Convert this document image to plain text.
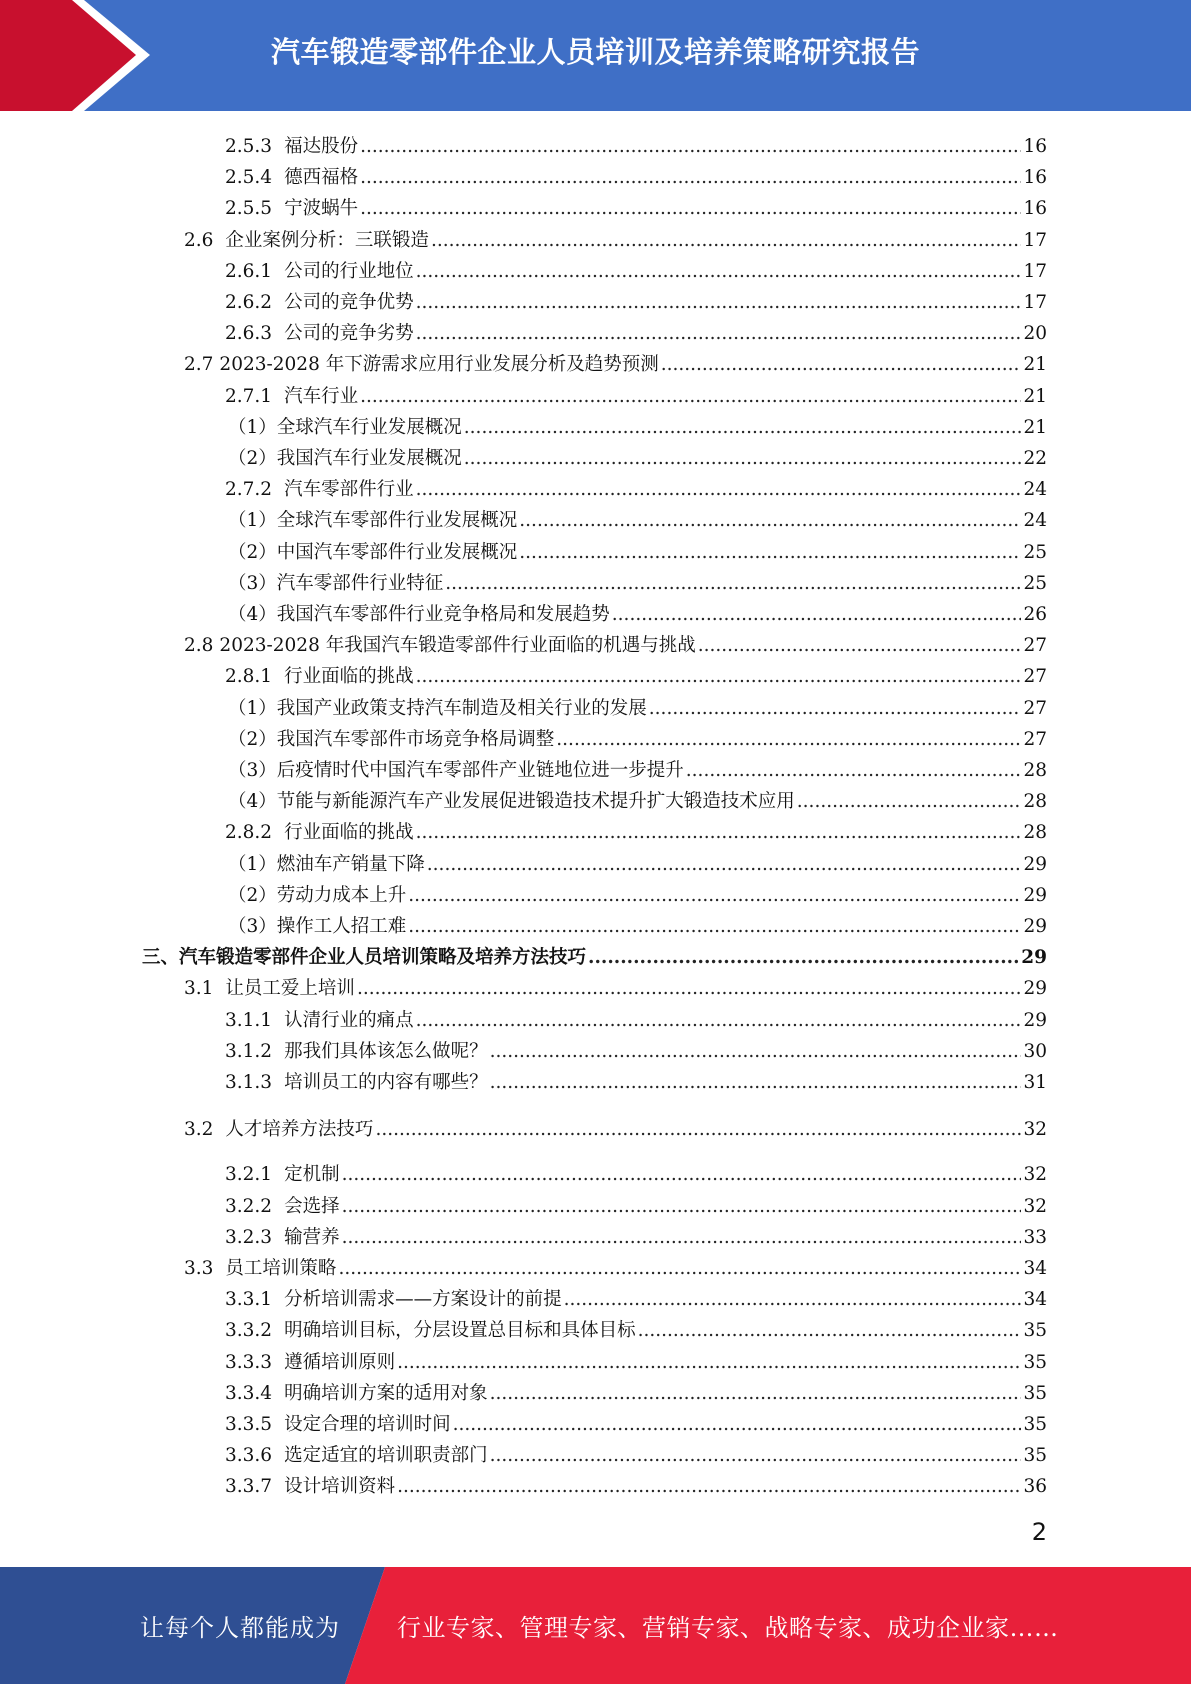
汽车锻造零部件企业人员培训及培养策略研究报告
2.5.3 福达股份 .....	16
2.5.4 德西福格 .....	16
2.5.5 宁波蜗牛 .....	16
2.6 企业案例分析：三联锻造 .....	17
2.6.1 公司的行业地位 .....	17
2.6.2 公司的竞争优势 .....	17
2.6.3 公司的竞争劣势 .....	20
2.7 2023-2028 年下游需求应用行业发展分析及趋势预测 .....	21
2.7.1 汽车行业 .....	21
（1） 全球汽车行业发展概况 .....	21
（2） 我国汽车行业发展概况 .....	22
2.7.2 汽车零部件行业 .....	24
（1） 全球汽车零部件行业发展概况 .....	24
（2） 中国汽车零部件行业发展概况 .....	25
（3） 汽车零部件行业特征 .....	25
（4） 我国汽车零部件行业竞争格局和发展趋势 .....	26
2.8 2023-2028 年我国汽车锻造零部件行业面临的机遇与挑战 .....	27
2.8.1 行业面临的挑战 .....	27
（1） 我国产业政策支持汽车制造及相关行业的发展 .....	27
（2） 我国汽车零部件市场竞争格局调整 .....	27
（3） 后疫情时代中国汽车零部件产业链地位进一步提升 .....	28
（4） 节能与新能源汽车产业发展促进锻造技术提升扩大锻造技术应用 .....	28
2.8.2 行业面临的挑战 .....	28
（1） 燃油车产销量下降 .....	29
（2） 劳动力成本上升 .....	29
（3） 操作工人招工难 .....	29
三、 汽车锻造零部件企业人员培训策略及培养方法技巧 .....	29
3.1 让员工爱上培训 .....	29
3.1.1 认清行业的痛点 .....	29
3.1.2 那我们具体该怎么做呢？ .....	30
3.1.3 培训员工的内容有哪些？ .....	31
3.2 人才培养方法技巧 .....	32
3.2.1 定机制 .....	32
3.2.2 会选择 .....	32
3.2.3 输营养 .....	33
3.3 员工培训策略 .....	34
3.3.1 分析培训需求——方案设计的前提 .....	34
3.3.2 明确培训目标，分层设置总目标和具体目标 .....	35
3.3.3 遵循培训原则 .....	35
3.3.4 明确培训方案的适用对象 .....	35
3.3.5 设定合理的培训时间 .....	35
3.3.6 选定适宜的培训职责部门 .....	35
3.3.7 设计培训资料 .....	36
2
让每个人都能成为 行业专家、管理专家、营销专家、战略专家、成功企业家……
